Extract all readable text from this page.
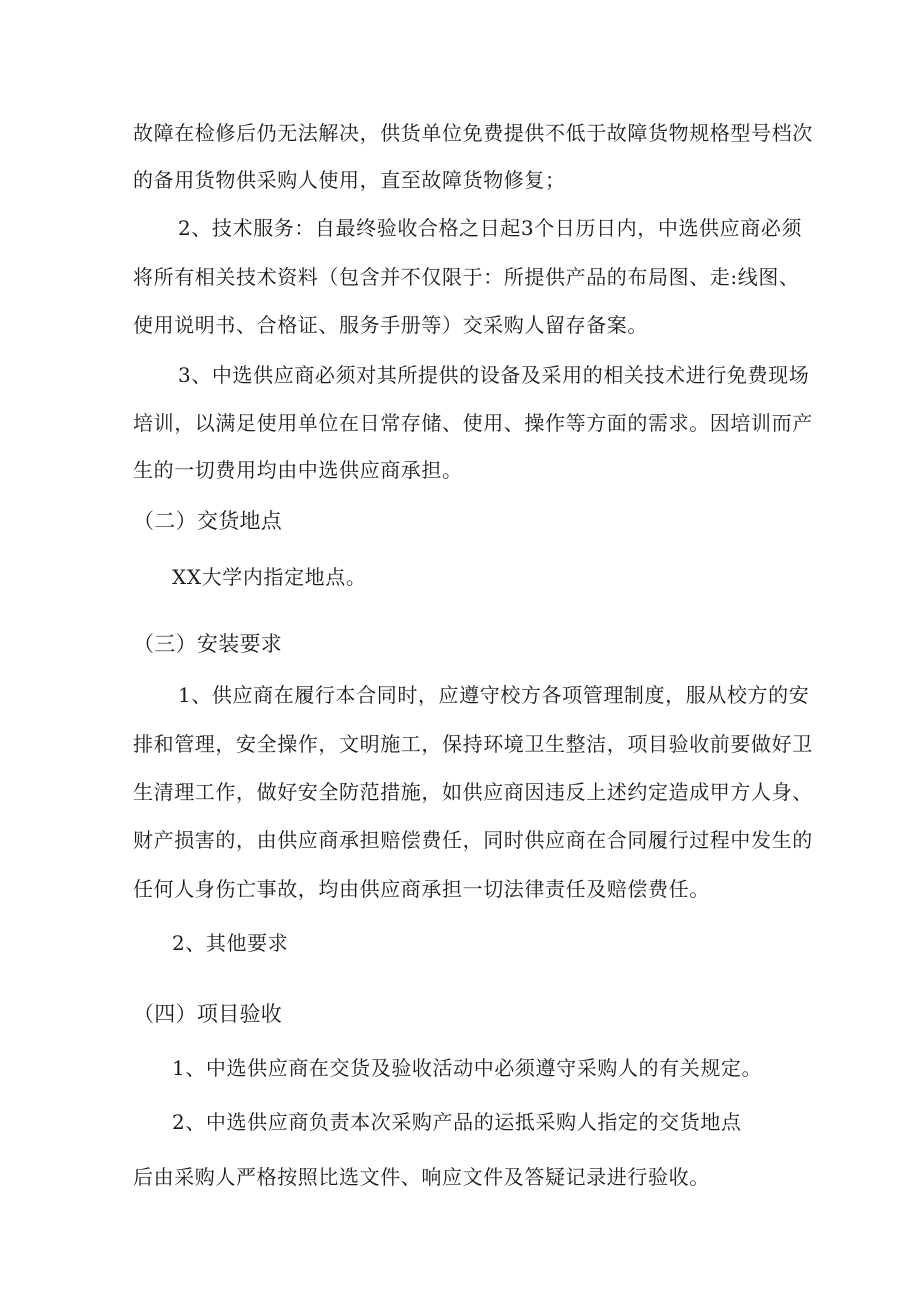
故障在检修后仍无法解决，供货单位免费提供不低于故障货物规格型号档次
的备用货物供采购人使用，直至故障货物修复；
2、技术服务：自最终验收合格之日起3个日历日内，中选供应商必须
将所有相关技术资料（包含并不仅限于：所提供产品的布局图、走:线图、
使用说明书、合格证、服务手册等）交采购人留存备案。
3、中选供应商必须对其所提供的设备及采用的相关技术进行免费现场
培训，以满足使用单位在日常存储、使用、操作等方面的需求。因培训而产
生的一切费用均由中选供应商承担。
（二）交货地点
XX大学内指定地点。
（三）安装要求
1、供应商在履行本合同时，应遵守校方各项管理制度，服从校方的安
排和管理，安全操作，文明施工，保持环境卫生整洁，项目验收前要做好卫
生清理工作，做好安全防范措施，如供应商因违反上述约定造成甲方人身、
财产损害的，由供应商承担赔偿费任，同时供应商在合同履行过程中发生的
任何人身伤亡事故，均由供应商承担一切法律责任及赔偿费任。
2、其他要求
（四）项目验收
1、中选供应商在交货及验收活动中必须遵守采购人的有关规定。
2、中选供应商负责本次采购产品的运抵采购人指定的交货地点
后由采购人严格按照比选文件、响应文件及答疑记录进行验收。
